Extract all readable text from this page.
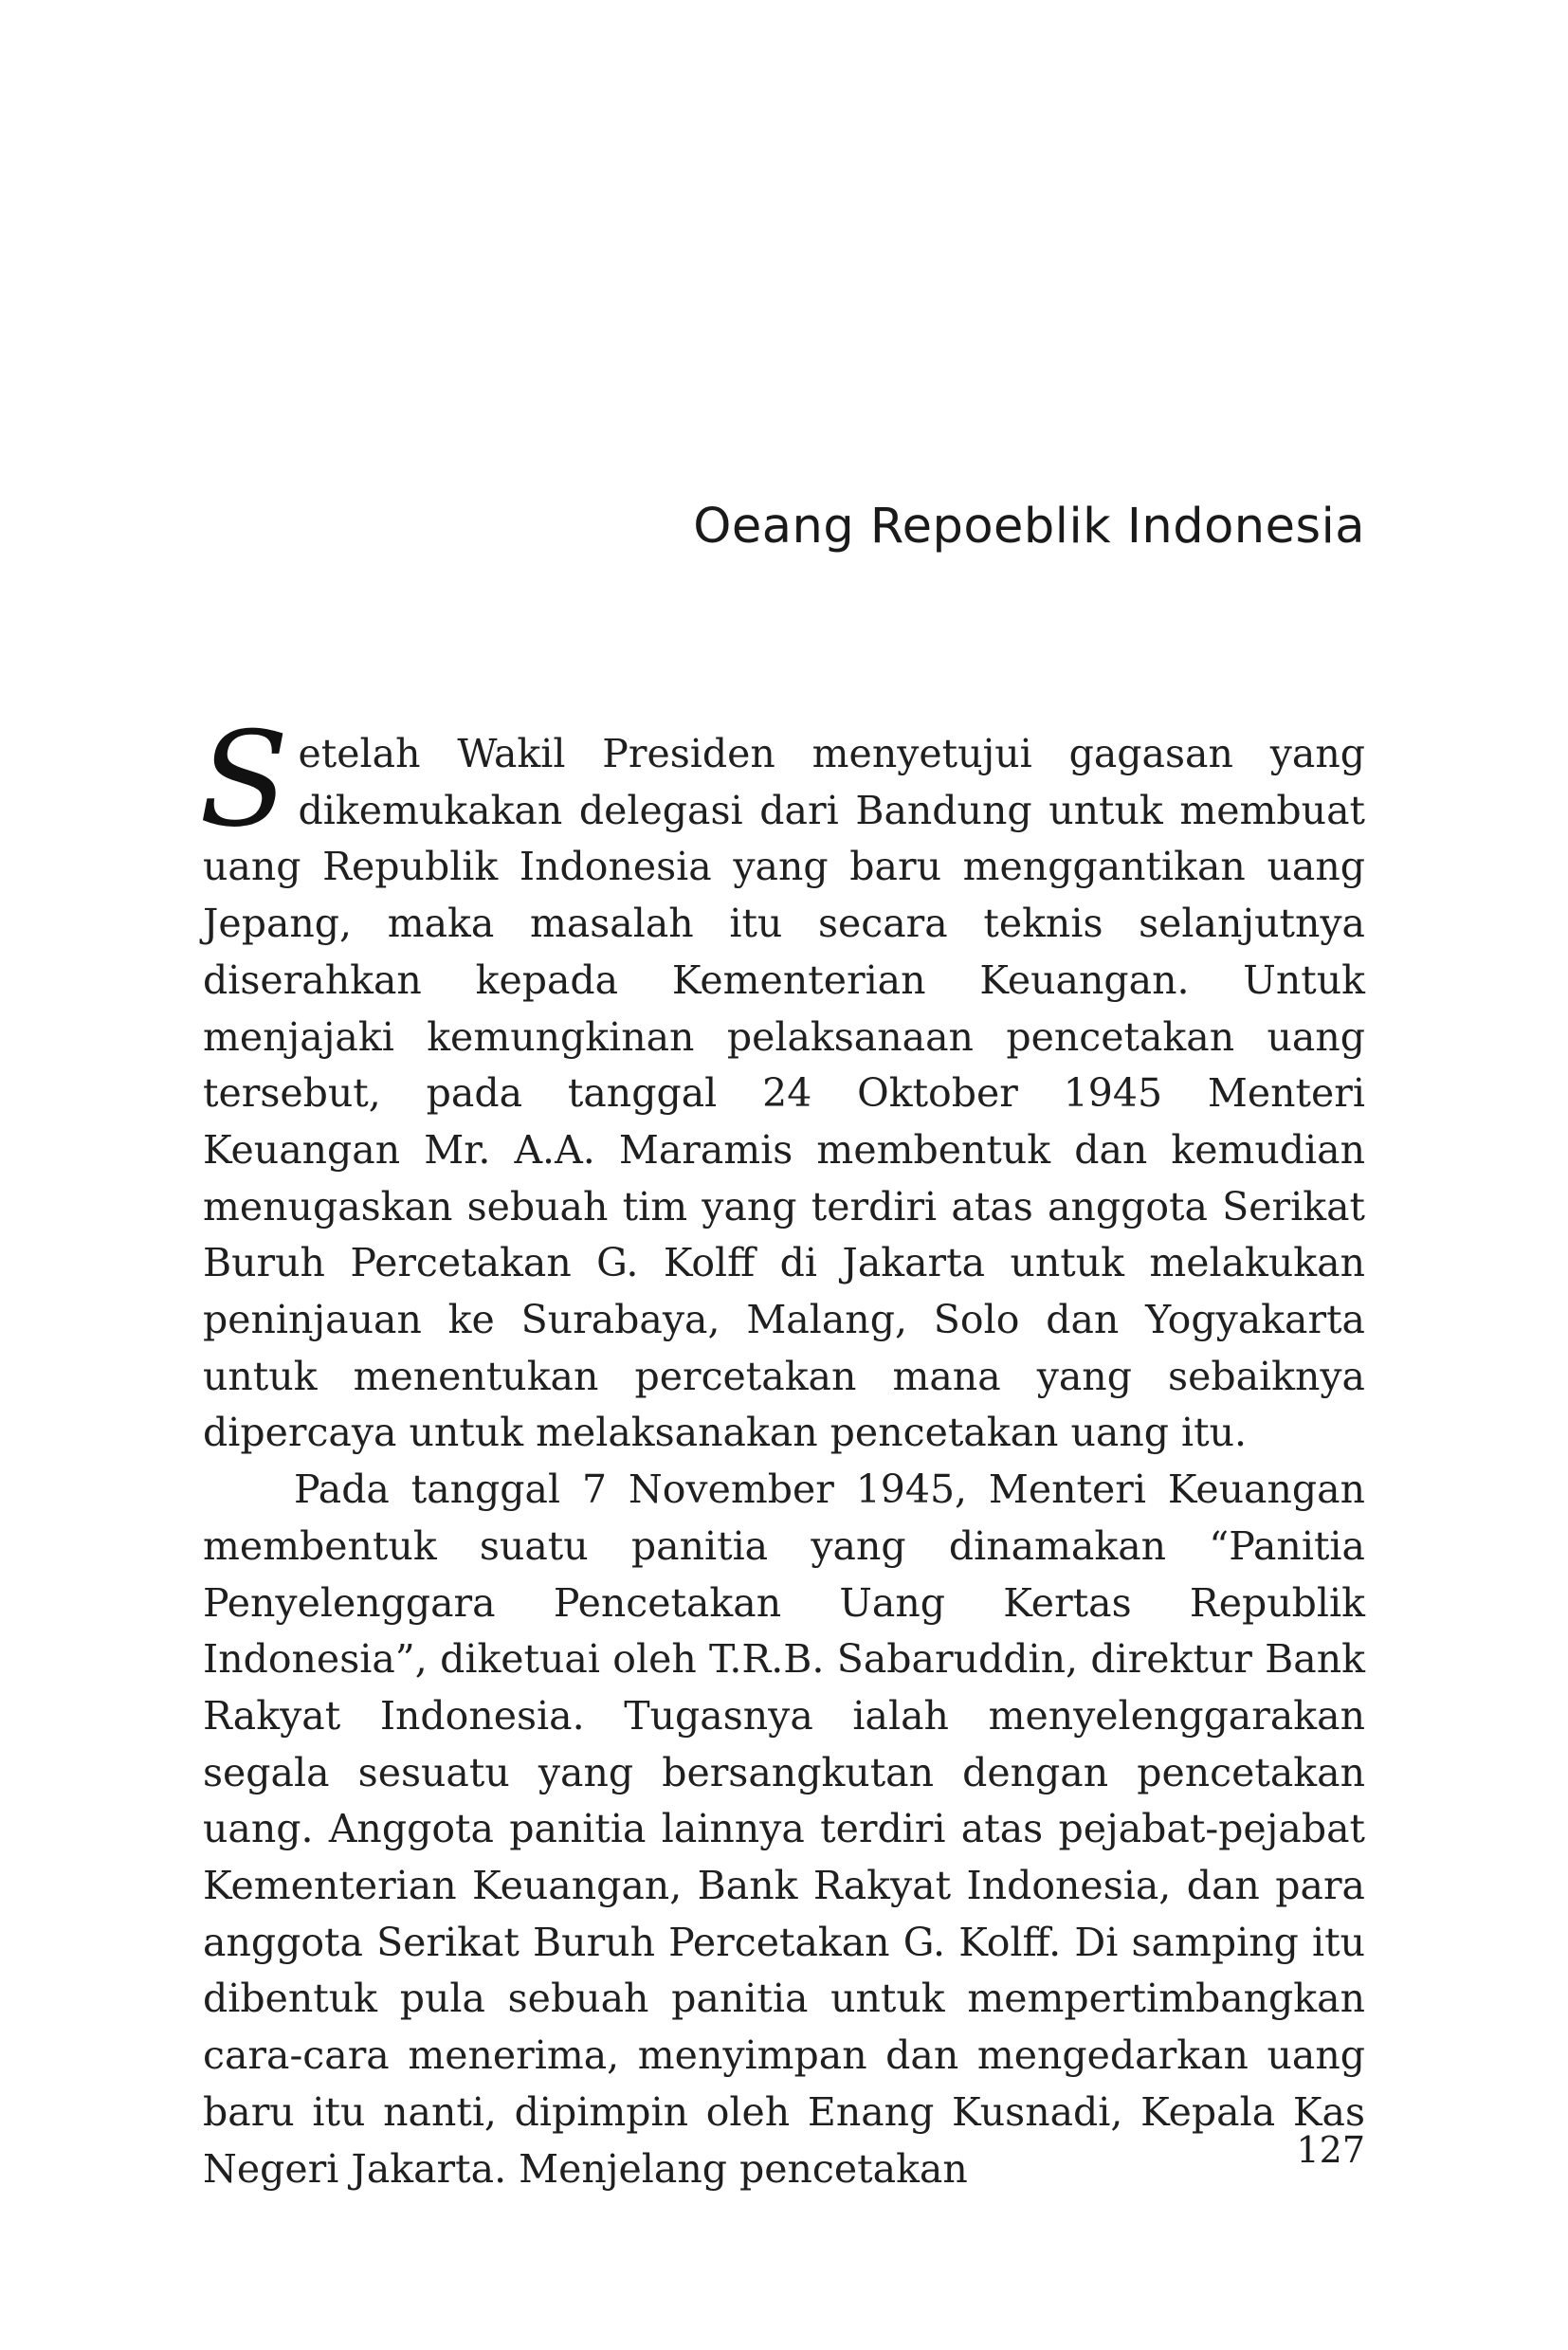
Oeang Repoeblik Indonesia

Setelah Wakil Presiden menyetujui gagasan yang dikemukakan delegasi dari Bandung untuk membuat uang Republik Indonesia yang baru menggantikan uang Jepang, maka masalah itu secara teknis selanjutnya diserahkan kepada Kementerian Keuangan. Untuk menjajaki kemungkinan pelaksanaan pencetakan uang tersebut, pada tanggal 24 Oktober 1945 Menteri Keuangan Mr. A.A. Maramis membentuk dan kemudian menugaskan sebuah tim yang terdiri atas anggota Serikat Buruh Percetakan G. Kolff di Jakarta untuk melakukan peninjauan ke Surabaya, Malang, Solo dan Yogyakarta untuk menentukan percetakan mana yang sebaiknya dipercaya untuk melaksanakan pencetakan uang itu.

Pada tanggal 7 November 1945, Menteri Keuangan membentuk suatu panitia yang dinamakan “Panitia Penyelenggara Pencetakan Uang Kertas Republik Indonesia”, diketuai oleh T.R.B. Sabaruddin, direktur Bank Rakyat Indonesia. Tugasnya ialah menyelenggarakan segala sesuatu yang bersangkutan dengan pencetakan uang. Anggota panitia lainnya terdiri atas pejabat-pejabat Kementerian Keuangan, Bank Rakyat Indonesia, dan para anggota Serikat Buruh Percetakan G. Kolff. Di samping itu dibentuk pula sebuah panitia untuk mempertimbangkan cara-cara menerima, menyimpan dan mengedarkan uang baru itu nanti, dipimpin oleh Enang Kusnadi, Kepala Kas Negeri Jakarta. Menjelang pencetakan	127
